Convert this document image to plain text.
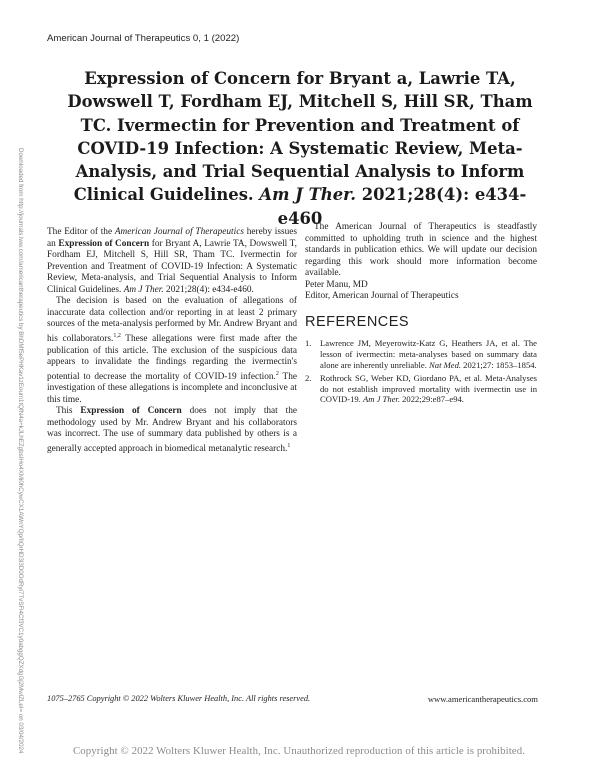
American Journal of Therapeutics 0, 1 (2022)
Downloaded from http://journals.lww.com/americantherapeutics by BhDMf5ePHKav1zEoum1tQfN4a+kJLhEZgbsIHo4XMi0hCywCX1AWnYQp/IlQrHD3i3D0OdRyi7TvSFl4Cf3VC1y0abggQZXdgGj2MwlZLeI= on 03/04/2024
Expression of Concern for Bryant a, Lawrie TA, Dowswell T, Fordham EJ, Mitchell S, Hill SR, Tham TC. Ivermectin for Prevention and Treatment of COVID-19 Infection: A Systematic Review, Meta-Analysis, and Trial Sequential Analysis to Inform Clinical Guidelines. Am J Ther. 2021;28(4): e434-e460

The Editor of the American Journal of Therapeutics hereby issues an Expression of Concern for Bryant A, Lawrie TA, Dowswell T, Fordham EJ, Mitchell S, Hill SR, Tham TC. Ivermectin for Prevention and Treatment of COVID-19 Infection: A Systematic Review, Meta-analysis, and Trial Sequential Analysis to Inform Clinical Guidelines. Am J Ther. 2021;28(4): e434-e460.

The decision is based on the evaluation of allegations of inaccurate data collection and/or reporting in at least 2 primary sources of the meta-analysis performed by Mr. Andrew Bryant and his collaborators.$^{1,2}$ These allegations were first made after the publication of this article. The exclusion of the suspicious data appears to invalidate the findings regarding the ivermectin's potential to decrease the mortality of COVID-19 infection.$^2$ The investigation of these allegations is incomplete and inconclusive at this time.

This Expression of Concern does not imply that the methodology used by Mr. Andrew Bryant and his collaborators was incorrect. The use of summary data published by others is a generally accepted approach in biomedical metanalytic research.$^1$

The American Journal of Therapeutics is steadfastly committed to upholding truth in science and the highest standards in publication ethics. We will update our decision regarding this work should more information become available.

Peter Manu, MD
Editor, American Journal of Therapeutics

REFERENCES
1. Lawrence JM, Meyerowitz-Katz G, Heathers JA, et al. The lesson of ivermectin: meta-analyses based on summary data alone are inherently unreliable. Nat Med. 2021;27: 1853–1854.
2. Rothrock SG, Weber KD, Giordano PA, et al. Meta-Analyses do not establish improved mortality with ivermectin use in COVID-19. Am J Ther. 2022;29:e87–e94.
1075–2765 Copyright © 2022 Wolters Kluwer Health, Inc. All rights reserved.	www.americantherapeutics.com
Copyright © 2022 Wolters Kluwer Health, Inc. Unauthorized reproduction of this article is prohibited.
